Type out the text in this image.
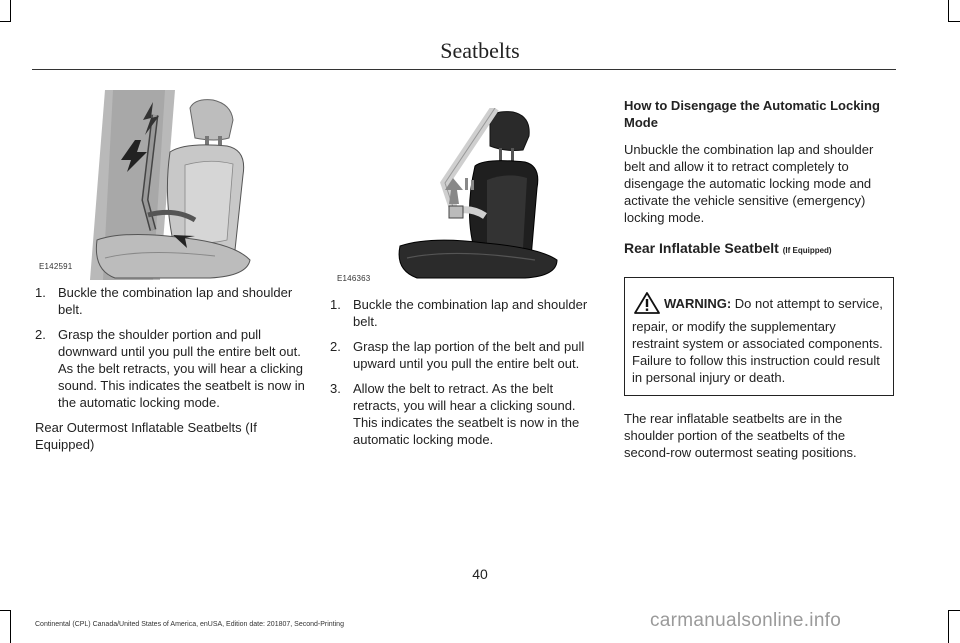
Seatbelts
E142591
E146363
1. Buckle the combination lap and shoulder belt.
2. Grasp the shoulder portion and pull downward until you pull the entire belt out. As the belt retracts, you will hear a clicking sound. This indicates the seatbelt is now in the automatic locking mode.

Rear Outermost Inflatable Seatbelts (If Equipped)

1. Buckle the combination lap and shoulder belt.
2. Grasp the lap portion of the belt and pull upward until you pull the entire belt out.
3. Allow the belt to retract. As the belt retracts, you will hear a clicking sound. This indicates the seatbelt is now in the automatic locking mode.
How to Disengage the Automatic Locking Mode

Unbuckle the combination lap and shoulder belt and allow it to retract completely to disengage the automatic locking mode and activate the vehicle sensitive (emergency) locking mode.

Rear Inflatable Seatbelt (If Equipped)
WARNING: Do not attempt to service, repair, or modify the supplementary restraint system or associated components. Failure to follow this instruction could result in personal injury or death.

The rear inflatable seatbelts are in the shoulder portion of the seatbelts of the second-row outermost seating positions.

40
Continental (CPL) Canada/United States of America, enUSA, Edition date: 201807, Second-Printing	carmanualsonline.info
